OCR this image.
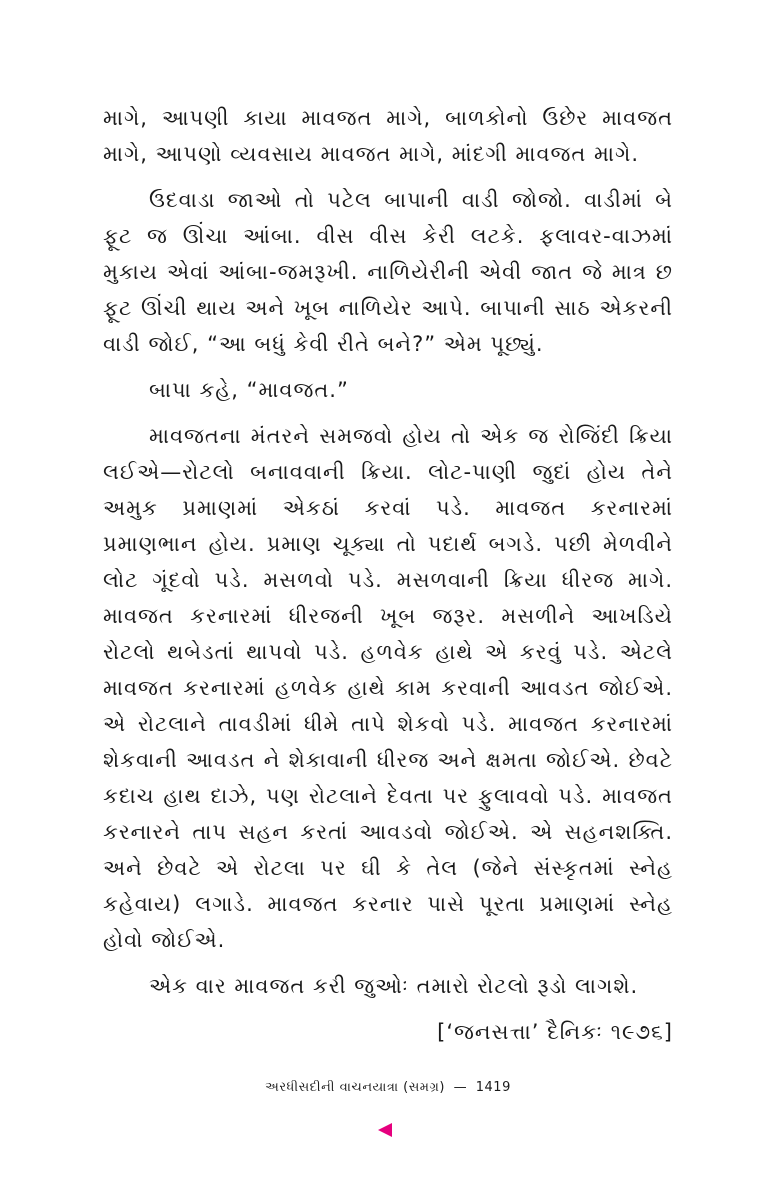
માગે, આપણી કાયા માવજત માગે, બાળકોનો ઉછેર માવજત માગે, આપણો વ્યવસાય માવજત માગે, માંદગી માવજત માગે.

ઉદવાડા જાઓ તો પટેલ બાપાની વાડી જોજો. વાડીમાં બે ફૂટ જ ઊંચા આંબા. વીસ વીસ કેરી લટકે. ફલાવર-વાઝમાં મુકાય એવાં આંબા-જમરૂખી. નાળિયેરીની એવી જાત જે માત્ર છ ફૂટ ઊંચી થાય અને ખૂબ નાળિયેર આપે. બાપાની સાઠ એકરની વાડી જોઈ, “આ બધું કેવી રીતે બને?” એમ પૂછ્યું.

બાપા કહે, “માવજત.”

માવજતના મંતરને સમજવો હોય તો એક જ રોજિંદી ક્રિયા લઈએ—રોટલો બનાવવાની ક્રિયા. લોટ-પાણી જુદાં હોય તેને અમુક પ્રમાણમાં એકઠાં કરવાં પડે. માવજત કરનારમાં પ્રમાણભાન હોય. પ્રમાણ ચૂક્યા તો પદાર્થ બગડે. પછી મેળવીને લોટ ગૂંદવો પડે. મસળવો પડે. મસળવાની ક્રિયા ધીરજ માગે. માવજત કરનારમાં ધીરજની ખૂબ જરૂર. મસળીને આખડિયે રોટલો થબેડતાં થાપવો પડે. હળવેક હાથે એ કરવું પડે. એટલે માવજત કરનારમાં હળવેક હાથે કામ કરવાની આવડત જોઈએ. એ રોટલાને તાવડીમાં ધીમે તાપે શેકવો પડે. માવજત કરનારમાં શેકવાની આવડત ને શેકાવાની ધીરજ અને ક્ષમતા જોઈએ. છેવટે કદાચ હાથ દાઝે, પણ રોટલાને દેવતા પર ફુલાવવો પડે. માવજત કરનારને તાપ સહન કરતાં આવડવો જોઈએ. એ સહનશક્તિ. અને છેવટે એ રોટલા પર ઘી કે તેલ (જેને સંસ્કૃતમાં સ્નેહ કહેવાય) લગાડે. માવજત કરનાર પાસે પૂરતા પ્રમાણમાં સ્નેહ હોવો જોઈએ.

એક વાર માવજત કરી જુઓઃ તમારો રોટલો રૂડો લાગશે.

[‘જનસત્તા’ દૈનિકઃ ૧૯૭૬]
અરધીસદીની વાચનયાત્રા (સમગ્ર) — 1419
